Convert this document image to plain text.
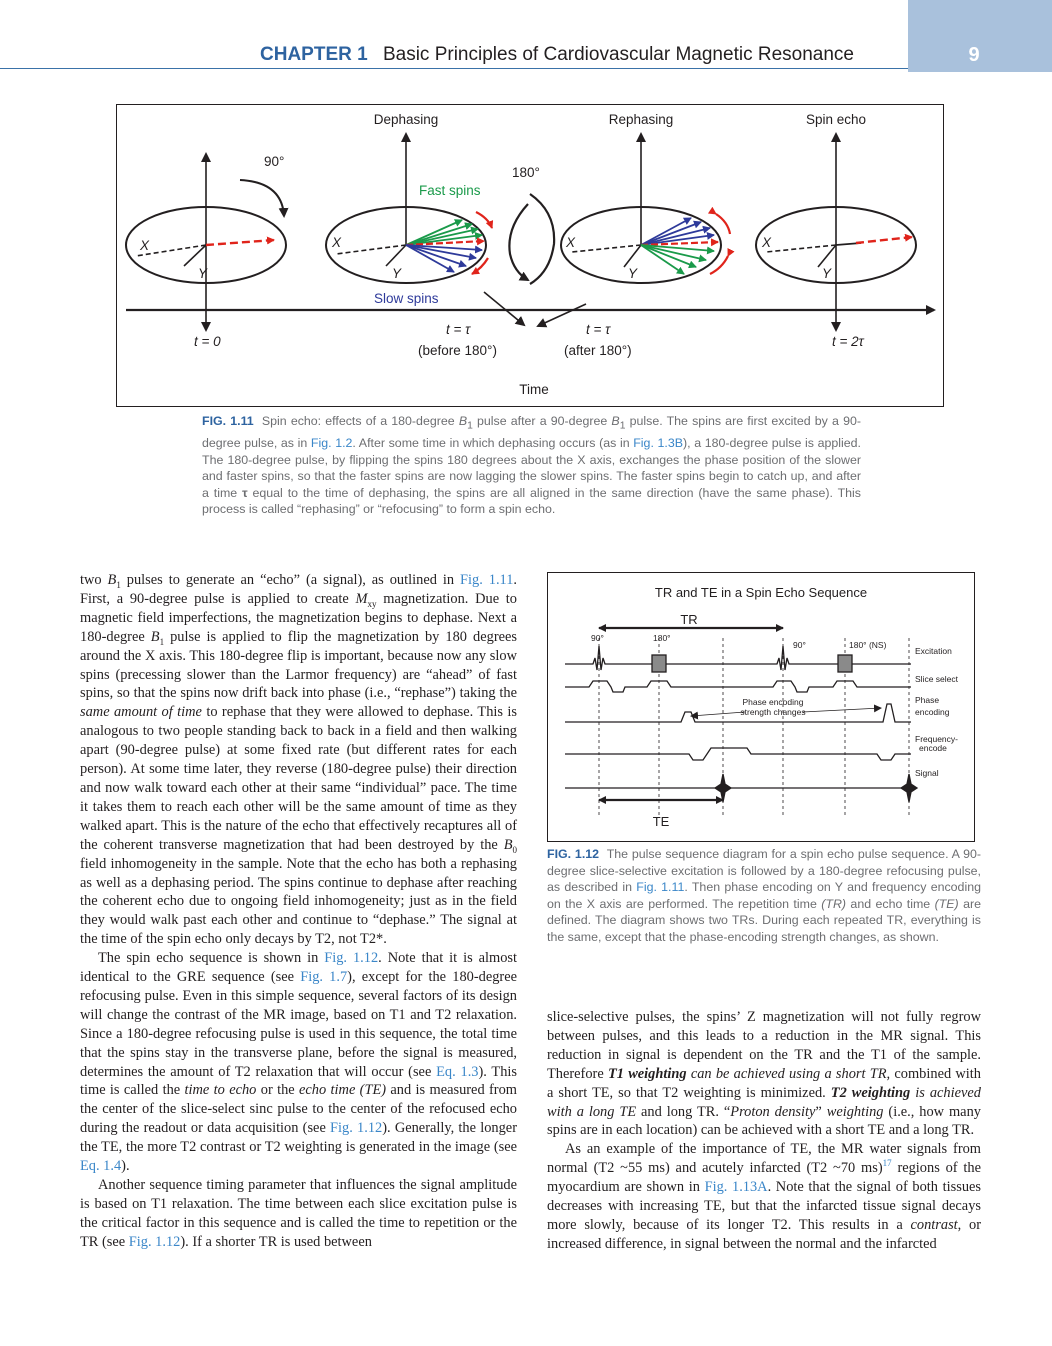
CHAPTER 1 Basic Principles of Cardiovascular Magnetic Resonance	9
X
Y
90°
X
Y
Dephasing
Fast spins
Slow spins
180°
X
Y
Rephasing
X
Y
Spin echo
t = 0
t = τ
(before 180°)
t = τ
(after 180°)
t = 2τ
Time
FIG. 1.11 Spin echo: effects of a 180-degree $B_1$ pulse after a 90-degree $B_1$ pulse. The spins are first excited by a 90-degree pulse, as in Fig. 1.2. After some time in which dephasing occurs (as in Fig. 1.3B), a 180-degree pulse is applied. The 180-degree pulse, by flipping the spins 180 degrees about the X axis, exchanges the phase position of the slower and faster spins, so that the faster spins are now lagging the slower spins. The faster spins begin to catch up, and after a time τ equal to the time of dephasing, the spins are all aligned in the same direction (have the same phase). This process is called “rephasing” or “refocusing” to form a spin echo.
TR and TE in a Spin Echo Sequence
TR
90°	180°
90°	180° (NS)
Excitation
Slice select
Phase encoding
strength changes
Phase
encoding
Frequency-
encode
Signal
TE
FIG. 1.12 The pulse sequence diagram for a spin echo pulse sequence. A 90-degree slice-selective excitation is followed by a 180-degree refocusing pulse, as described in Fig. 1.11. Then phase encoding on Y and frequency encoding on the X axis are performed. The repetition time (TR) and echo time (TE) are defined. The diagram shows two TRs. During each repeated TR, everything is the same, except that the phase-encoding strength changes, as shown.

two $B_1$ pulses to generate an “echo” (a signal), as outlined in Fig. 1.11. First, a 90-degree pulse is applied to create $M_{xy}$ magnetization. Due to magnetic field imperfections, the magnetization begins to dephase. Next a 180-degree $B_1$ pulse is applied to flip the magnetization by 180 degrees around the X axis. This 180-degree flip is important, because now any slow spins (precessing slower than the Larmor frequency) are “ahead” of fast spins, so that the spins now drift back into phase (i.e., “rephase”) taking the same amount of time to rephase that they were allowed to dephase. This is analogous to two people standing back to back in a field and then walking apart (90-degree pulse) at some fixed rate (but different rates for each person). At some time later, they reverse (180-degree pulse) their direction and now walk toward each other at their same “individual” pace. The time it takes them to reach each other will be the same amount of time as they walked apart. This is the nature of the echo that effectively recaptures all of the coherent transverse magnetization that had been destroyed by the $B_0$ field inhomogeneity in the sample. Note that the echo has both a rephasing as well as a dephasing period. The spins continue to dephase after reaching the coherent echo due to ongoing field inhomogeneity; just as in the field they would walk past each other and continue to “dephase.” The signal at the time of the spin echo only decays by T2, not T2*.

The spin echo sequence is shown in Fig. 1.12. Note that it is almost identical to the GRE sequence (see Fig. 1.7), except for the 180-degree refocusing pulse. Even in this simple sequence, several factors of its design will change the contrast of the MR image, based on T1 and T2 relaxation. Since a 180-degree refocusing pulse is used in this sequence, the total time that the spins stay in the transverse plane, before the signal is measured, determines the amount of T2 relaxation that will occur (see Eq. 1.3). This time is called the time to echo or the echo time (TE) and is measured from the center of the slice-select sinc pulse to the center of the refocused echo during the readout or data acquisition (see Fig. 1.12). Generally, the longer the TE, the more T2 contrast or T2 weighting is generated in the image (see Eq. 1.4).

Another sequence timing parameter that influences the signal amplitude is based on T1 relaxation. The time between each slice excitation pulse is the critical factor in this sequence and is called the time to repetition or the TR (see Fig. 1.12). If a shorter TR is used between

slice-selective pulses, the spins’ Z magnetization will not fully regrow between pulses, and this leads to a reduction in the MR signal. This reduction in signal is dependent on the TR and the T1 of the sample. Therefore T1 weighting can be achieved using a short TR, combined with a short TE, so that T2 weighting is minimized. T2 weighting is achieved with a long TE and long TR. “Proton density” weighting (i.e., how many spins are in each location) can be achieved with a short TE and a long TR.

As an example of the importance of TE, the MR water signals from normal (T2 ~55 ms) and acutely infarcted (T2 ~70 ms)$^{17}$ regions of the myocardium are shown in Fig. 1.13A. Note that the signal of both tissues decreases with increasing TE, but that the infarcted tissue signal decays more slowly, because of its longer T2. This results in a contrast, or increased difference, in signal between the normal and the infarcted
